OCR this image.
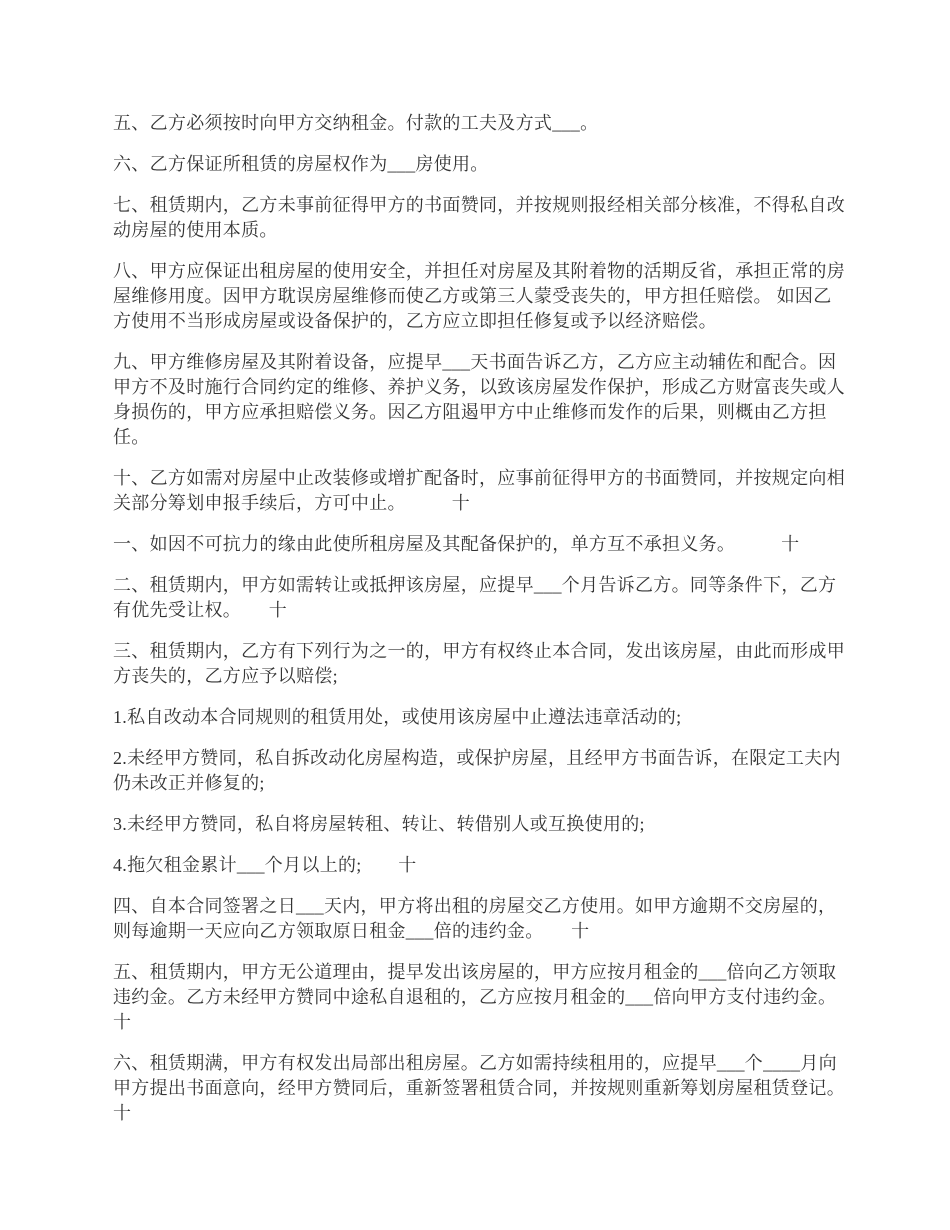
五、乙方必须按时向甲方交纳租金。付款的工夫及方式___。

六、乙方保证所租赁的房屋权作为___房使用。

七、租赁期内，乙方未事前征得甲方的书面赞同，并按规则报经相关部分核准，不得私自改动房屋的使用本质。

八、甲方应保证出租房屋的使用安全，并担任对房屋及其附着物的活期反省，承担正常的房屋维修用度。因甲方耽误房屋维修而使乙方或第三人蒙受丧失的，甲方担任赔偿。 如因乙方使用不当形成房屋或设备保护的，乙方应立即担任修复或予以经济赔偿。

九、甲方维修房屋及其附着设备，应提早___天书面告诉乙方，乙方应主动辅佐和配合。因甲方不及时施行合同约定的维修、养护义务，以致该房屋发作保护，形成乙方财富丧失或人身损伤的，甲方应承担赔偿义务。因乙方阻遏甲方中止维修而发作的后果，则概由乙方担任。

十、乙方如需对房屋中止改装修或增扩配备时，应事前征得甲方的书面赞同，并按规定向相关部分筹划申报手续后，方可中止。　　　十

一、如因不可抗力的缘由此使所租房屋及其配备保护的，单方互不承担义务。　　　十

二、租赁期内，甲方如需转让或抵押该房屋，应提早___个月告诉乙方。同等条件下，乙方有优先受让权。　　十

三、租赁期内，乙方有下列行为之一的，甲方有权终止本合同，发出该房屋，由此而形成甲方丧失的，乙方应予以赔偿;

1.私自改动本合同规则的租赁用处，或使用该房屋中止遵法违章活动的;

2.未经甲方赞同，私自拆改动化房屋构造，或保护房屋，且经甲方书面告诉，在限定工夫内仍未改正并修复的;

3.未经甲方赞同，私自将房屋转租、转让、转借别人或互换使用的;

4.拖欠租金累计___个月以上的;　　十

四、自本合同签署之日___天内，甲方将出租的房屋交乙方使用。如甲方逾期不交房屋的，则每逾期一天应向乙方领取原日租金___倍的违约金。　　十

五、租赁期内，甲方无公道理由，提早发出该房屋的，甲方应按月租金的___倍向乙方领取违约金。乙方未经甲方赞同中途私自退租的，乙方应按月租金的___倍向甲方支付违约金。　　十

六、租赁期满，甲方有权发出局部出租房屋。乙方如需持续租用的，应提早___个____月向甲方提出书面意向，经甲方赞同后，重新签署租赁合同，并按规则重新筹划房屋租赁登记。十
